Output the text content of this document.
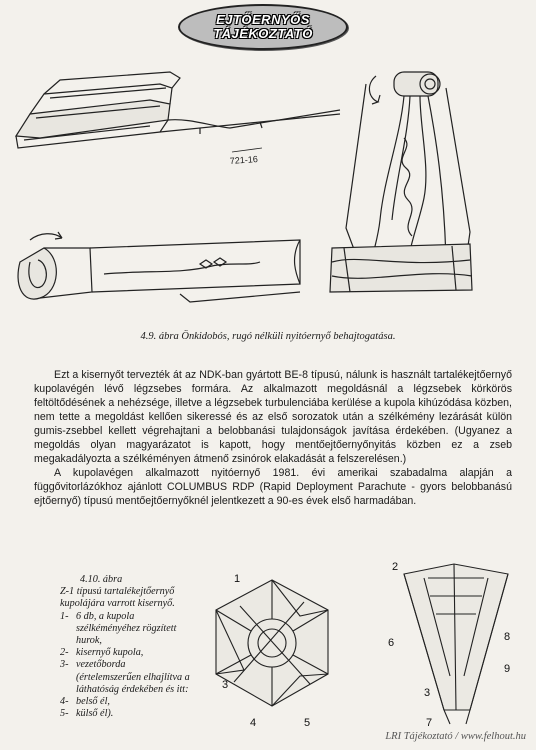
EJTŐERNYŐS
TÁJÉKOZTATÓ
721-16
4.9. ábra Önkidobós, rugó nélküli nyitóernyő behajtogatása.

Ezt a kisernyőt tervezték át az NDK-ban gyártott BE-8 típusú, nálunk is használt tartalékejtőernyő kupolavégén lévő légzsebes formára. Az alkalmazott megoldásnál a légzsebek körkörös feltöltődésének a nehézsége, illetve a légzsebek turbulenciába kerülése a kupola kihúzódása közben, nem tette a megoldást kellően sikeressé és az első sorozatok után a szélkémény lezárását külön gumis-zsebbel kellett végrehajtani a belobbanási tulajdonságok javítása érdekében. (Ugyanez a megoldás olyan magyarázatot is kapott, hogy mentőejtőernyőnyitás közben ez a zseb megakadályozta a szélkéményen átmenő zsinórok elakadását a felszerelésen.)

A kupolavégen alkalmazott nyitóernyő 1981. évi amerikai szabadalma alapján a függővitorlázókhoz ajánlott COLUMBUS RDP (Rapid Deployment Parachute - gyors belobbanású ejtőernyő) típusú mentőejtőernyőknél jelentkezett a 90-es évek első harmadában.

4.10. ábra
Z-1 típusú tartalékejtőernyő kupolájára varrott kisernyő.
1- 6 db, a kupola szélkéményéhez rögzített hurok,
2- kisernyő kupola,
3- vezetőborda (értelemszerűen elhajlítva a láthatóság érdekében és itt:
4- belső él,
5- külső él).
1
3
4	5
2
6	8
9
3
7
LRI Tájékoztató / www.felhout.hu
